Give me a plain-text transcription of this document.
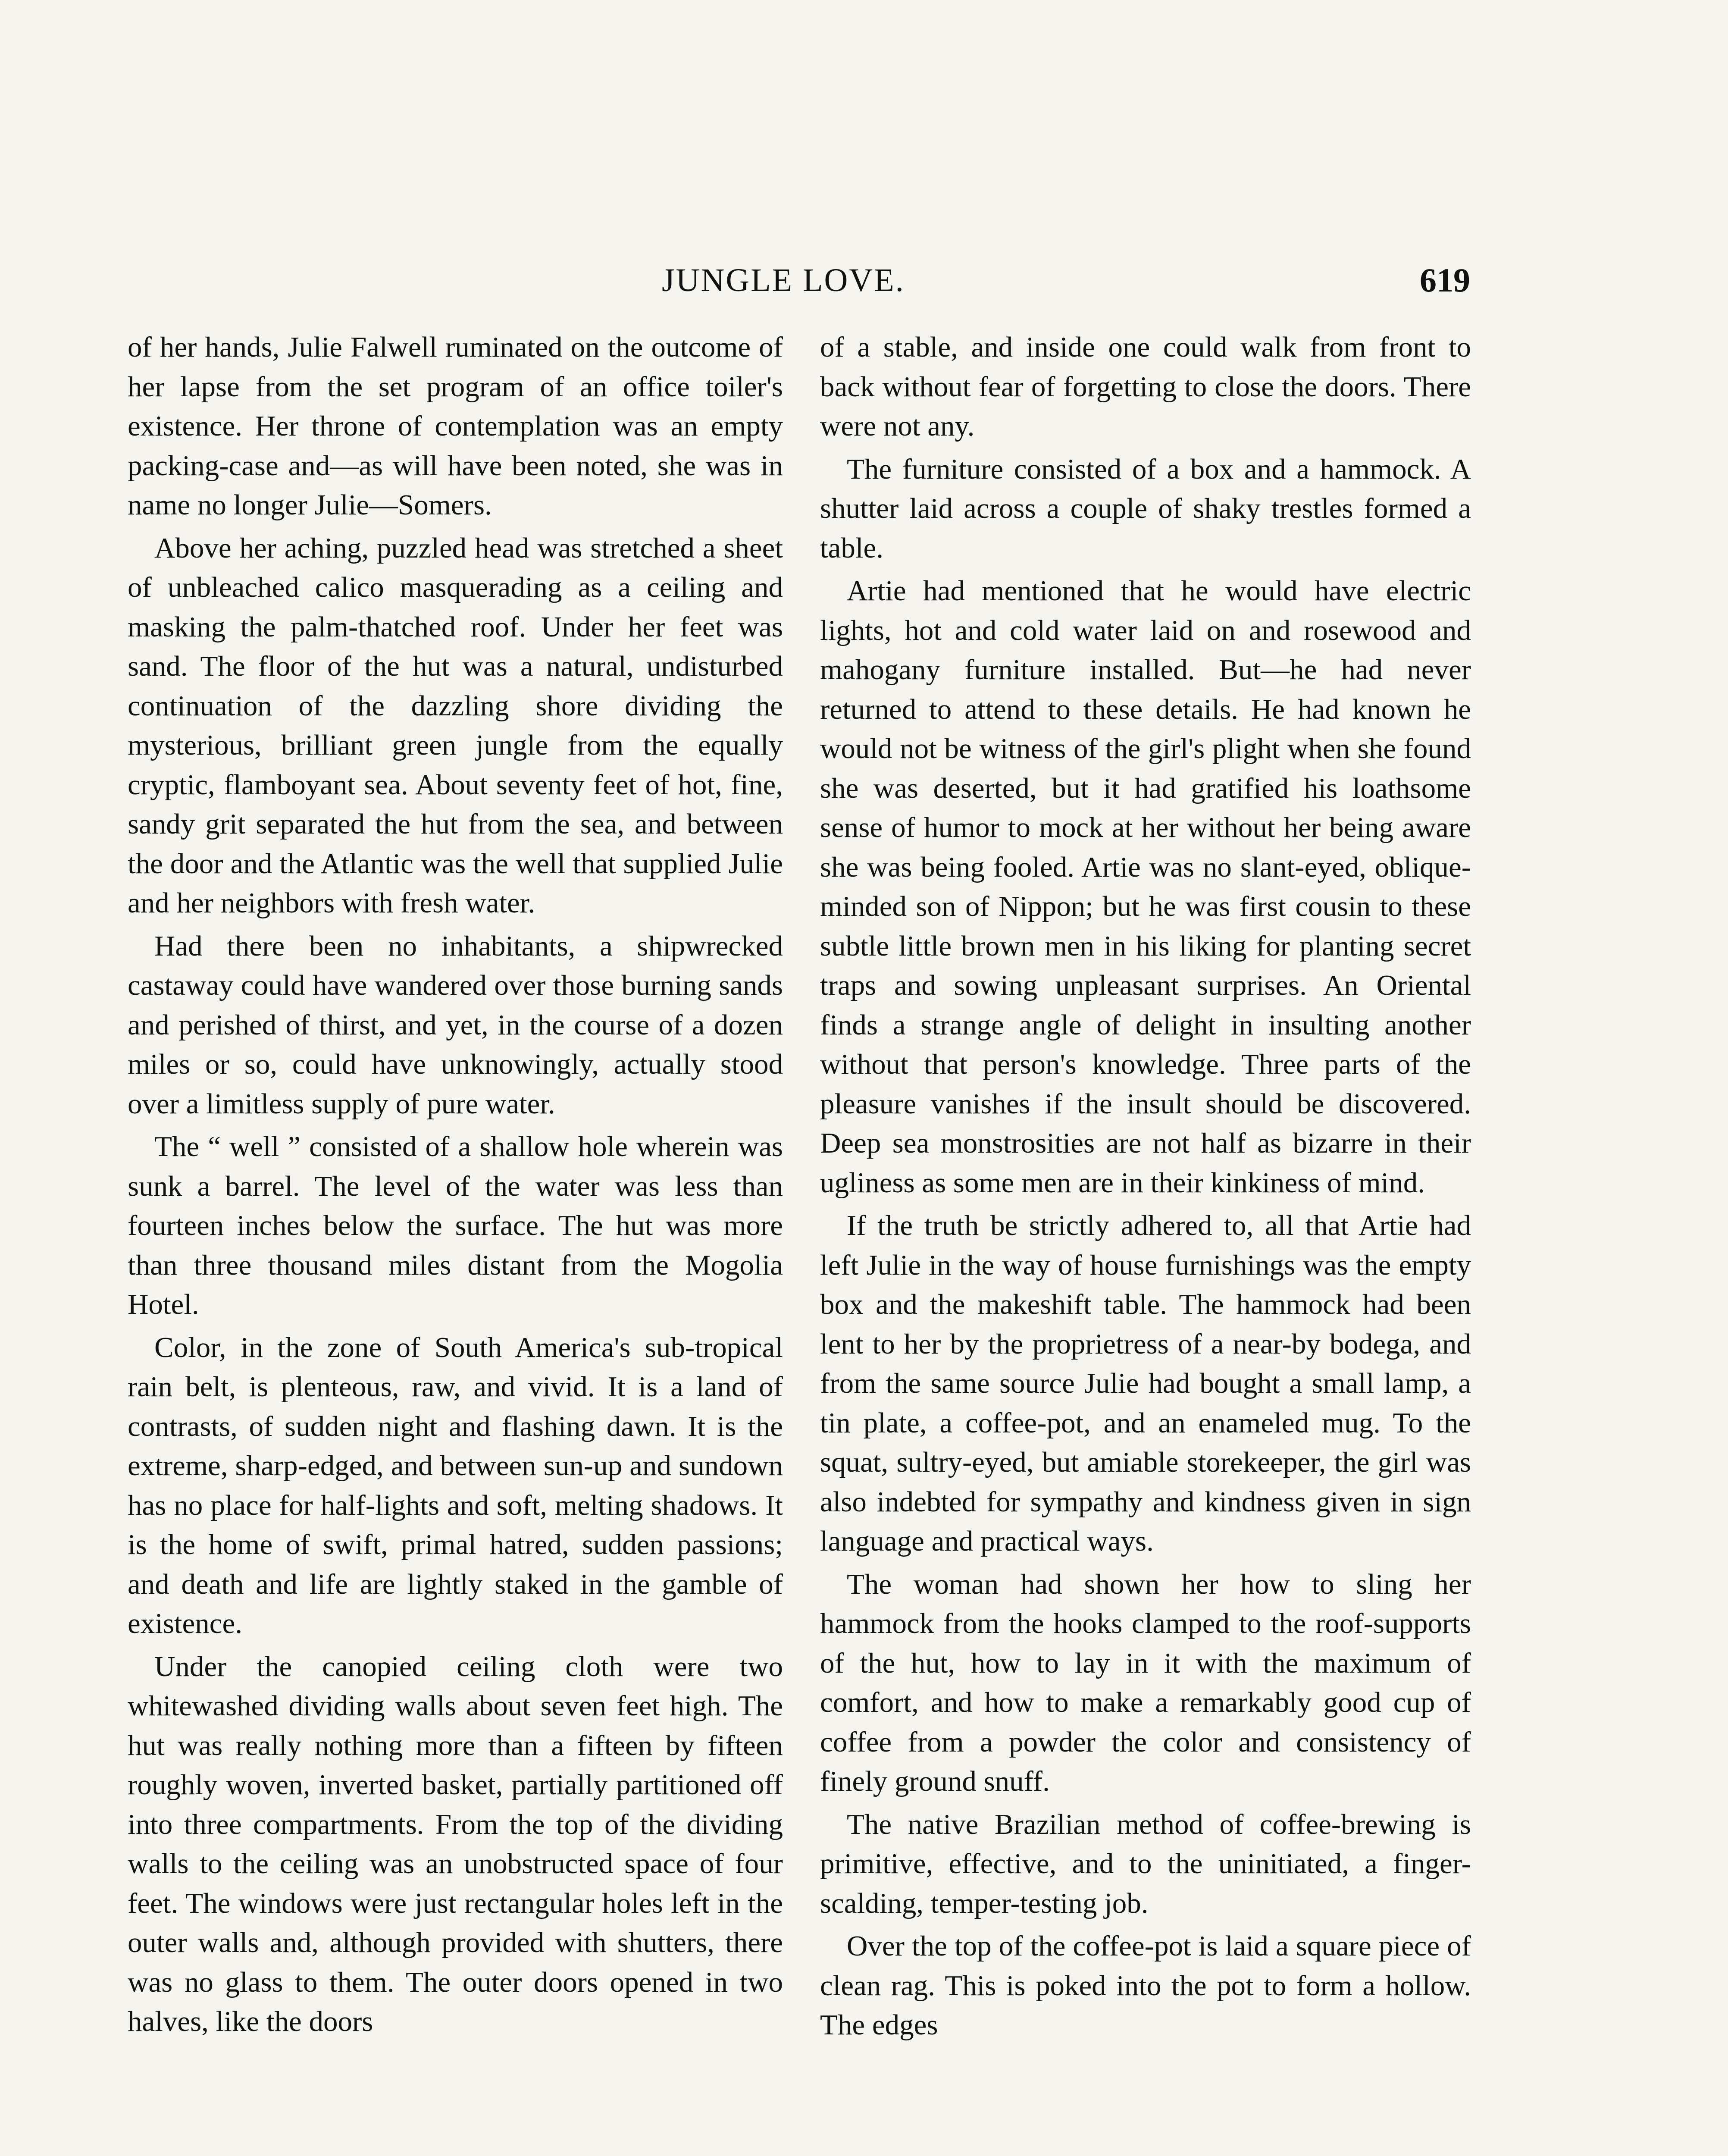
JUNGLE LOVE.	619

of her hands, Julie Falwell ruminated on the outcome of her lapse from the set program of an office toiler's existence. Her throne of contemplation was an empty packing-case and—as will have been noted, she was in name no longer Julie—Somers.

Above her aching, puzzled head was stretched a sheet of unbleached calico masquerading as a ceiling and masking the palm-thatched roof. Under her feet was sand. The floor of the hut was a natural, undisturbed continuation of the dazzling shore dividing the mysterious, brilliant green jungle from the equally cryptic, flamboyant sea. About seventy feet of hot, fine, sandy grit separated the hut from the sea, and between the door and the Atlantic was the well that supplied Julie and her neighbors with fresh water.

Had there been no inhabitants, a shipwrecked castaway could have wandered over those burning sands and perished of thirst, and yet, in the course of a dozen miles or so, could have unknowingly, actually stood over a limitless supply of pure water.

The “ well ” consisted of a shallow hole wherein was sunk a barrel. The level of the water was less than fourteen inches below the surface. The hut was more than three thousand miles distant from the Mogolia Hotel.

Color, in the zone of South America's sub-tropical rain belt, is plenteous, raw, and vivid. It is a land of contrasts, of sudden night and flashing dawn. It is the extreme, sharp-edged, and between sun-up and sundown has no place for half-lights and soft, melting shadows. It is the home of swift, primal hatred, sudden passions; and death and life are lightly staked in the gamble of existence.

Under the canopied ceiling cloth were two whitewashed dividing walls about seven feet high. The hut was really nothing more than a fifteen by fifteen roughly woven, inverted basket, partially partitioned off into three compartments. From the top of the dividing walls to the ceiling was an unobstructed space of four feet. The windows were just rectangular holes left in the outer walls and, although provided with shutters, there was no glass to them. The outer doors opened in two halves, like the doors

of a stable, and inside one could walk from front to back without fear of forgetting to close the doors. There were not any.

The furniture consisted of a box and a hammock. A shutter laid across a couple of shaky trestles formed a table.

Artie had mentioned that he would have electric lights, hot and cold water laid on and rosewood and mahogany furniture installed. But—he had never returned to attend to these details. He had known he would not be witness of the girl's plight when she found she was deserted, but it had gratified his loathsome sense of humor to mock at her without her being aware she was being fooled. Artie was no slant-eyed, oblique-minded son of Nippon; but he was first cousin to these subtle little brown men in his liking for planting secret traps and sowing unpleasant surprises. An Oriental finds a strange angle of delight in insulting another without that person's knowledge. Three parts of the pleasure vanishes if the insult should be discovered. Deep sea monstrosities are not half as bizarre in their ugliness as some men are in their kinkiness of mind.

If the truth be strictly adhered to, all that Artie had left Julie in the way of house furnishings was the empty box and the makeshift table. The hammock had been lent to her by the proprietress of a near-by bodega, and from the same source Julie had bought a small lamp, a tin plate, a coffee-pot, and an enameled mug. To the squat, sultry-eyed, but amiable storekeeper, the girl was also indebted for sympathy and kindness given in sign language and practical ways.

The woman had shown her how to sling her hammock from the hooks clamped to the roof-supports of the hut, how to lay in it with the maximum of comfort, and how to make a remarkably good cup of coffee from a powder the color and consistency of finely ground snuff.

The native Brazilian method of coffee-brewing is primitive, effective, and to the uninitiated, a finger-scalding, temper-testing job.

Over the top of the coffee-pot is laid a square piece of clean rag. This is poked into the pot to form a hollow. The edges
